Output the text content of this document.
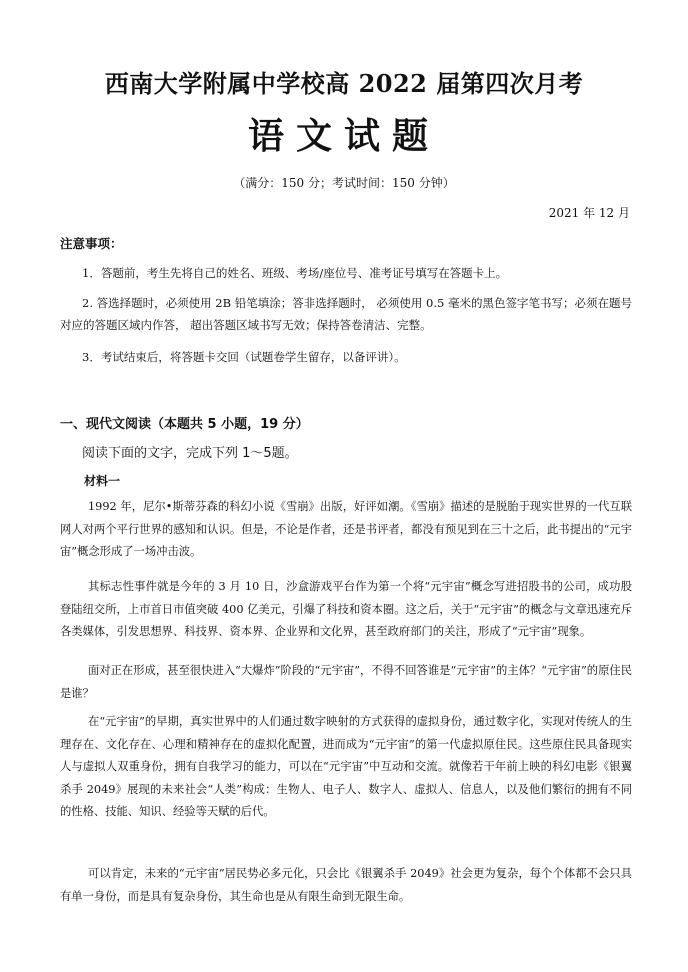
西南大学附属中学校高 2022 届第四次月考
语文试题
（满分：150 分；考试时间：150 分钟）
2021 年 12 月
注意事项：
1．答题前，考生先将自己的姓名、班级、考场/座位号、准考证号填写在答题卡上。
2. 答选择题时，必须使用 2B 铅笔填涂；答非选择题时， 必须使用 0.5 毫米的黑色签字笔书写；必须在题号对应的答题区域内作答， 超出答题区域书写无效；保持答卷清洁、完整。
3．考试结束后，将答题卡交回（试题卷学生留存，以备评讲）。
一、现代文阅读（本题共 5 小题，19 分）
阅读下面的文字，完成下列 1～5题。
材料一
1992 年，尼尔•斯蒂芬森的科幻小说《雪崩》出版，好评如潮。《雪崩》描述的是脱胎于现实世界的一代互联网人对两个平行世界的感知和认识。但是，不论是作者，还是书评者，都没有预见到在三十之后，此书提出的“元宇宙”概念形成了一场冲击波。
其标志性事件就是今年的 3 月 10 日，沙盒游戏平台作为第一个将“元宇宙”概念写进招股书的公司，成功股登陆纽交所，上市首日市值突破 400 亿美元，引爆了科技和资本圈。这之后，关于“元宇宙”的概念与文章迅速充斥各类媒体，引发思想界、科技界、资本界、企业界和文化界，甚至政府部门的关注，形成了“元宇宙”现象。
面对正在形成，甚至很快进入“大爆炸”阶段的“元宇宙”，不得不回答谁是“元宇宙”的主体？“元宇宙”的原住民是谁？
在“元宇宙”的早期，真实世界中的人们通过数字映射的方式获得的虚拟身份，通过数字化，实现对传统人的生理存在、文化存在、心理和精神存在的虚拟化配置，进而成为“元宇宙”的第一代虚拟原住民。这些原住民具备现实人与虚拟人双重身份，拥有自我学习的能力，可以在“元宇宙”中互动和交流。就像若干年前上映的科幻电影《银翼杀手 2049》展现的未来社会“人类”构成：生物人、电子人、数字人、虚拟人、信息人，以及他们繁衍的拥有不同的性格、技能、知识、经验等天赋的后代。
可以肯定，未来的“元宇宙”居民势必多元化，只会比《银翼杀手 2049》社会更为复杂，每个个体都不会只具有单一身份，而是具有复杂身份，其生命也是从有限生命到无限生命。
